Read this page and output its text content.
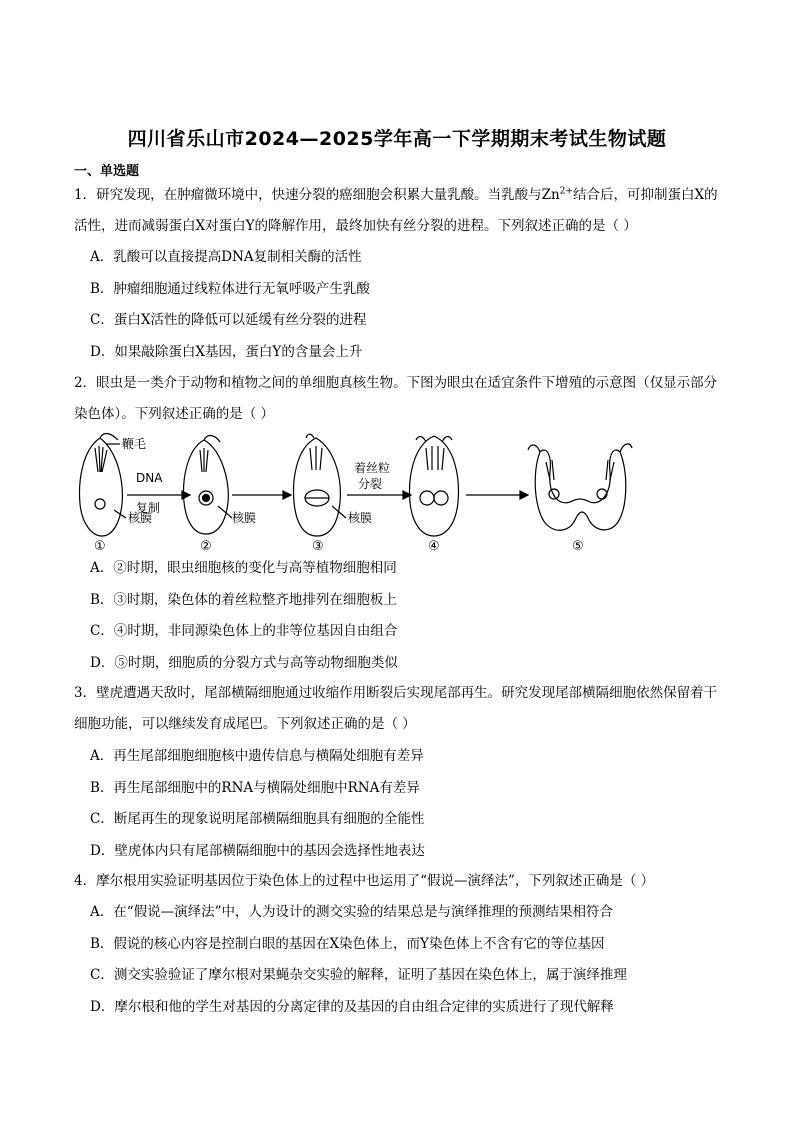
四川省乐山市2024—2025学年高一下学期期末考试生物试题
一、单选题
1．研究发现，在肿瘤微环境中，快速分裂的癌细胞会积累大量乳酸。当乳酸与$Zn^{2+}$结合后，可抑制蛋白X的活性，进而减弱蛋白X对蛋白Y的降解作用，最终加快有丝分裂的进程。下列叙述正确的是（ ）
A．乳酸可以直接提高DNA复制相关酶的活性
B．肿瘤细胞通过线粒体进行无氧呼吸产生乳酸
C．蛋白X活性的降低可以延缓有丝分裂的进程
D．如果敲除蛋白X基因，蛋白Y的含量会上升
2．眼虫是一类介于动物和植物之间的单细胞真核生物。下图为眼虫在适宜条件下增殖的示意图（仅显示部分染色体）。下列叙述正确的是（ ）
鞭毛
DNA
复制
着丝粒
分裂
核膜	核膜	核膜
①	②	③	④	⑤
A．②时期，眼虫细胞核的变化与高等植物细胞相同
B．③时期，染色体的着丝粒整齐地排列在细胞板上
C．④时期，非同源染色体上的非等位基因自由组合
D．⑤时期，细胞质的分裂方式与高等动物细胞类似
3．壁虎遭遇天敌时，尾部横隔细胞通过收缩作用断裂后实现尾部再生。研究发现尾部横隔细胞依然保留着干细胞功能，可以继续发育成尾巴。下列叙述正确的是（ ）
A．再生尾部细胞细胞核中遗传信息与横隔处细胞有差异
B．再生尾部细胞中的RNA与横隔处细胞中RNA有差异
C．断尾再生的现象说明尾部横隔细胞具有细胞的全能性
D．壁虎体内只有尾部横隔细胞中的基因会选择性地表达
4．摩尔根用实验证明基因位于染色体上的过程中也运用了“假说—演绎法”，下列叙述正确是（ ）
A．在“假说—演绎法”中，人为设计的测交实验的结果总是与演绎推理的预测结果相符合
B．假说的核心内容是控制白眼的基因在X染色体上，而Y染色体上不含有它的等位基因
C．测交实验验证了摩尔根对果蝇杂交实验的解释，证明了基因在染色体上，属于演绎推理
D．摩尔根和他的学生对基因的分离定律的及基因的自由组合定律的实质进行了现代解释
